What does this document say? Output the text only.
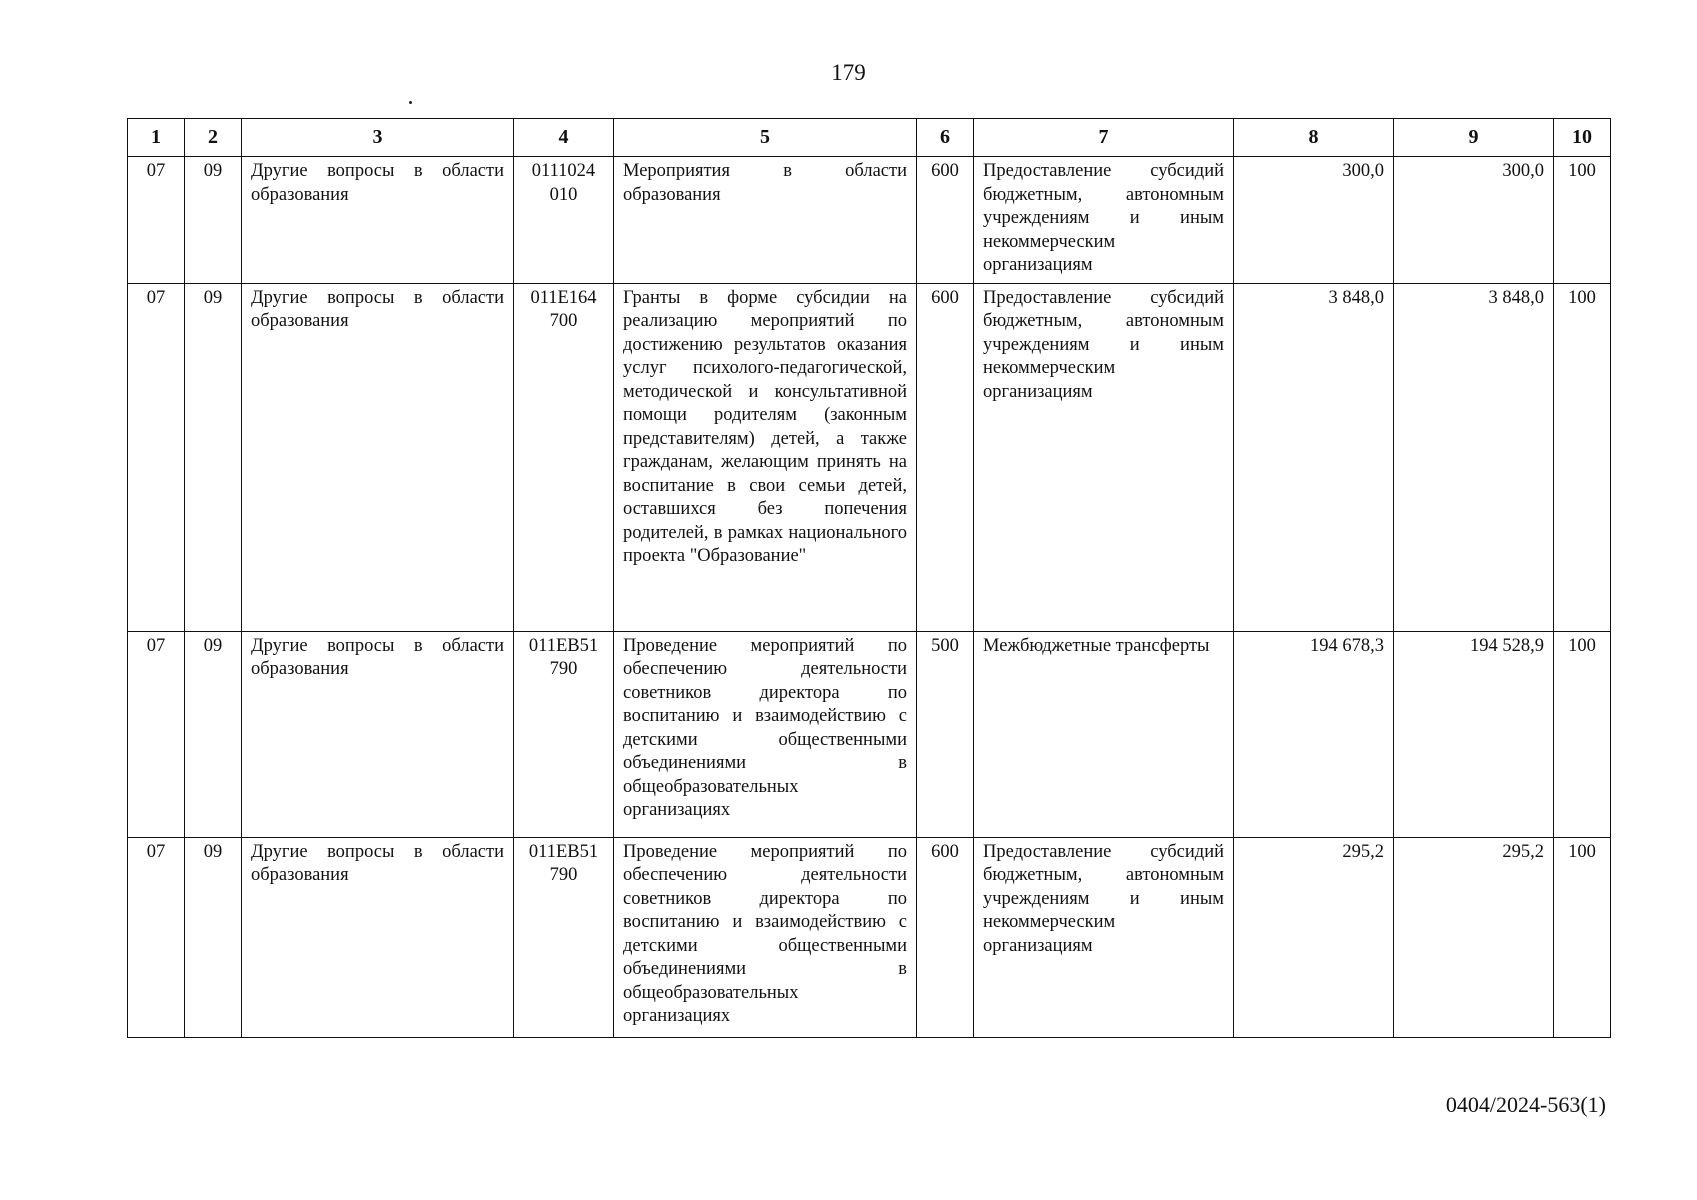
179
1	2	3	4	5	6	7	8	9	10
07	09	Другие вопросы в области образования	0111024 010	Мероприятия в области образования	600	Предоставление субсидий бюджетным, автономным учреждениям и иным некоммерческим организациям	300,0	300,0	100
07	09	Другие вопросы в области образования	011E164 700	Гранты в форме субсидии на реализацию мероприятий по достижению результатов оказания услуг психолого-педагогической, методической и консультативной помощи родителям (законным представителям) детей, а также гражданам, желающим принять на воспитание в свои семьи детей, оставшихся без попечения родителей, в рамках национального проекта "Образование"	600	Предоставление субсидий бюджетным, автономным учреждениям и иным некоммерческим организациям	3 848,0	3 848,0	100
07	09	Другие вопросы в области образования	011EB51 790	Проведение мероприятий по обеспечению деятельности советников директора по воспитанию и взаимодействию с детскими общественными объединениями в общеобразовательных организациях	500	Межбюджетные трансферты	194 678,3	194 528,9	100
07	09	Другие вопросы в области образования	011EB51 790	Проведение мероприятий по обеспечению деятельности советников директора по воспитанию и взаимодействию с детскими общественными объединениями в общеобразовательных организациях	600	Предоставление субсидий бюджетным, автономным учреждениям и иным некоммерческим организациям	295,2	295,2	100
0404/2024-563(1)
